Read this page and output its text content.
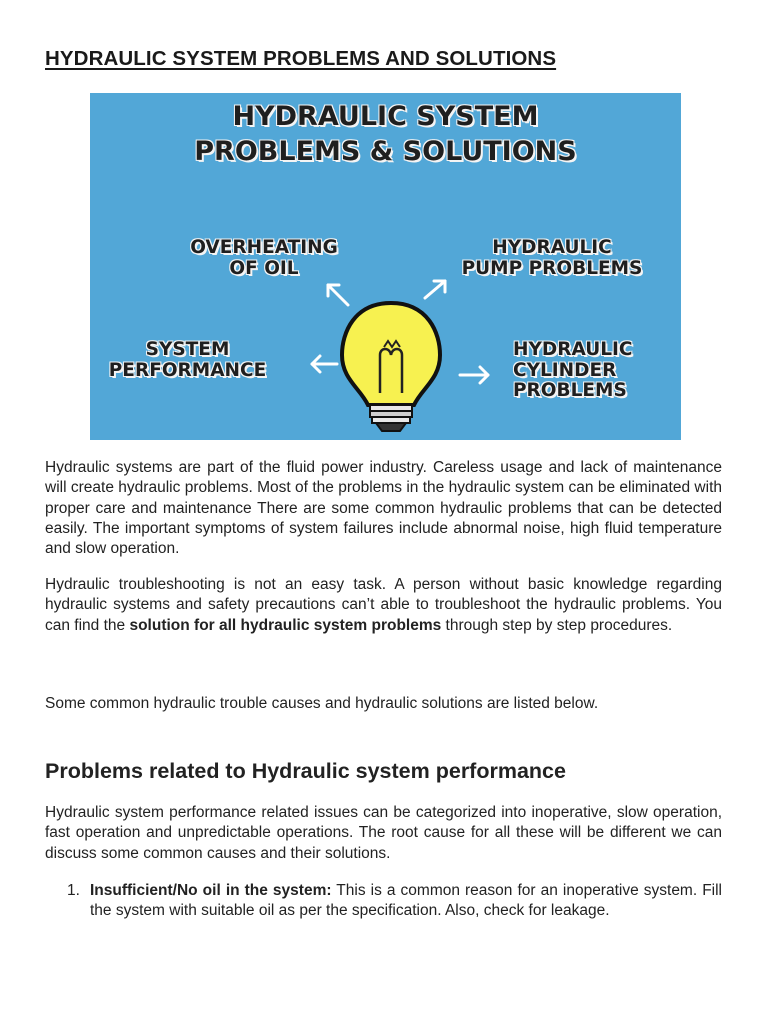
HYDRAULIC SYSTEM PROBLEMS AND SOLUTIONS
HYDRAULIC SYSTEM
PROBLEMS & SOLUTIONS
OVERHEATING
OF OIL
HYDRAULIC
PUMP PROBLEMS
SYSTEM
PERFORMANCE
HYDRAULIC
CYLINDER
PROBLEMS

Hydraulic systems are part of the fluid power industry. Careless usage and lack of maintenance will create hydraulic problems. Most of the problems in the hydraulic system can be eliminated with proper care and maintenance There are some common hydraulic problems that can be detected easily. The important symptoms of system failures include abnormal noise, high fluid temperature and slow operation.

Hydraulic troubleshooting is not an easy task. A person without basic knowledge regarding hydraulic systems and safety precautions can’t able to troubleshoot the hydraulic problems. You can find the solution for all hydraulic system problems through step by step procedures.

Some common hydraulic trouble causes and hydraulic solutions are listed below.

Problems related to Hydraulic system performance

Hydraulic system performance related issues can be categorized into inoperative, slow operation, fast operation and unpredictable operations. The root cause for all these will be different we can discuss some common causes and their solutions.

1. Insufficient/No oil in the system: This is a common reason for an inoperative system. Fill the system with suitable oil as per the specification. Also, check for leakage.
